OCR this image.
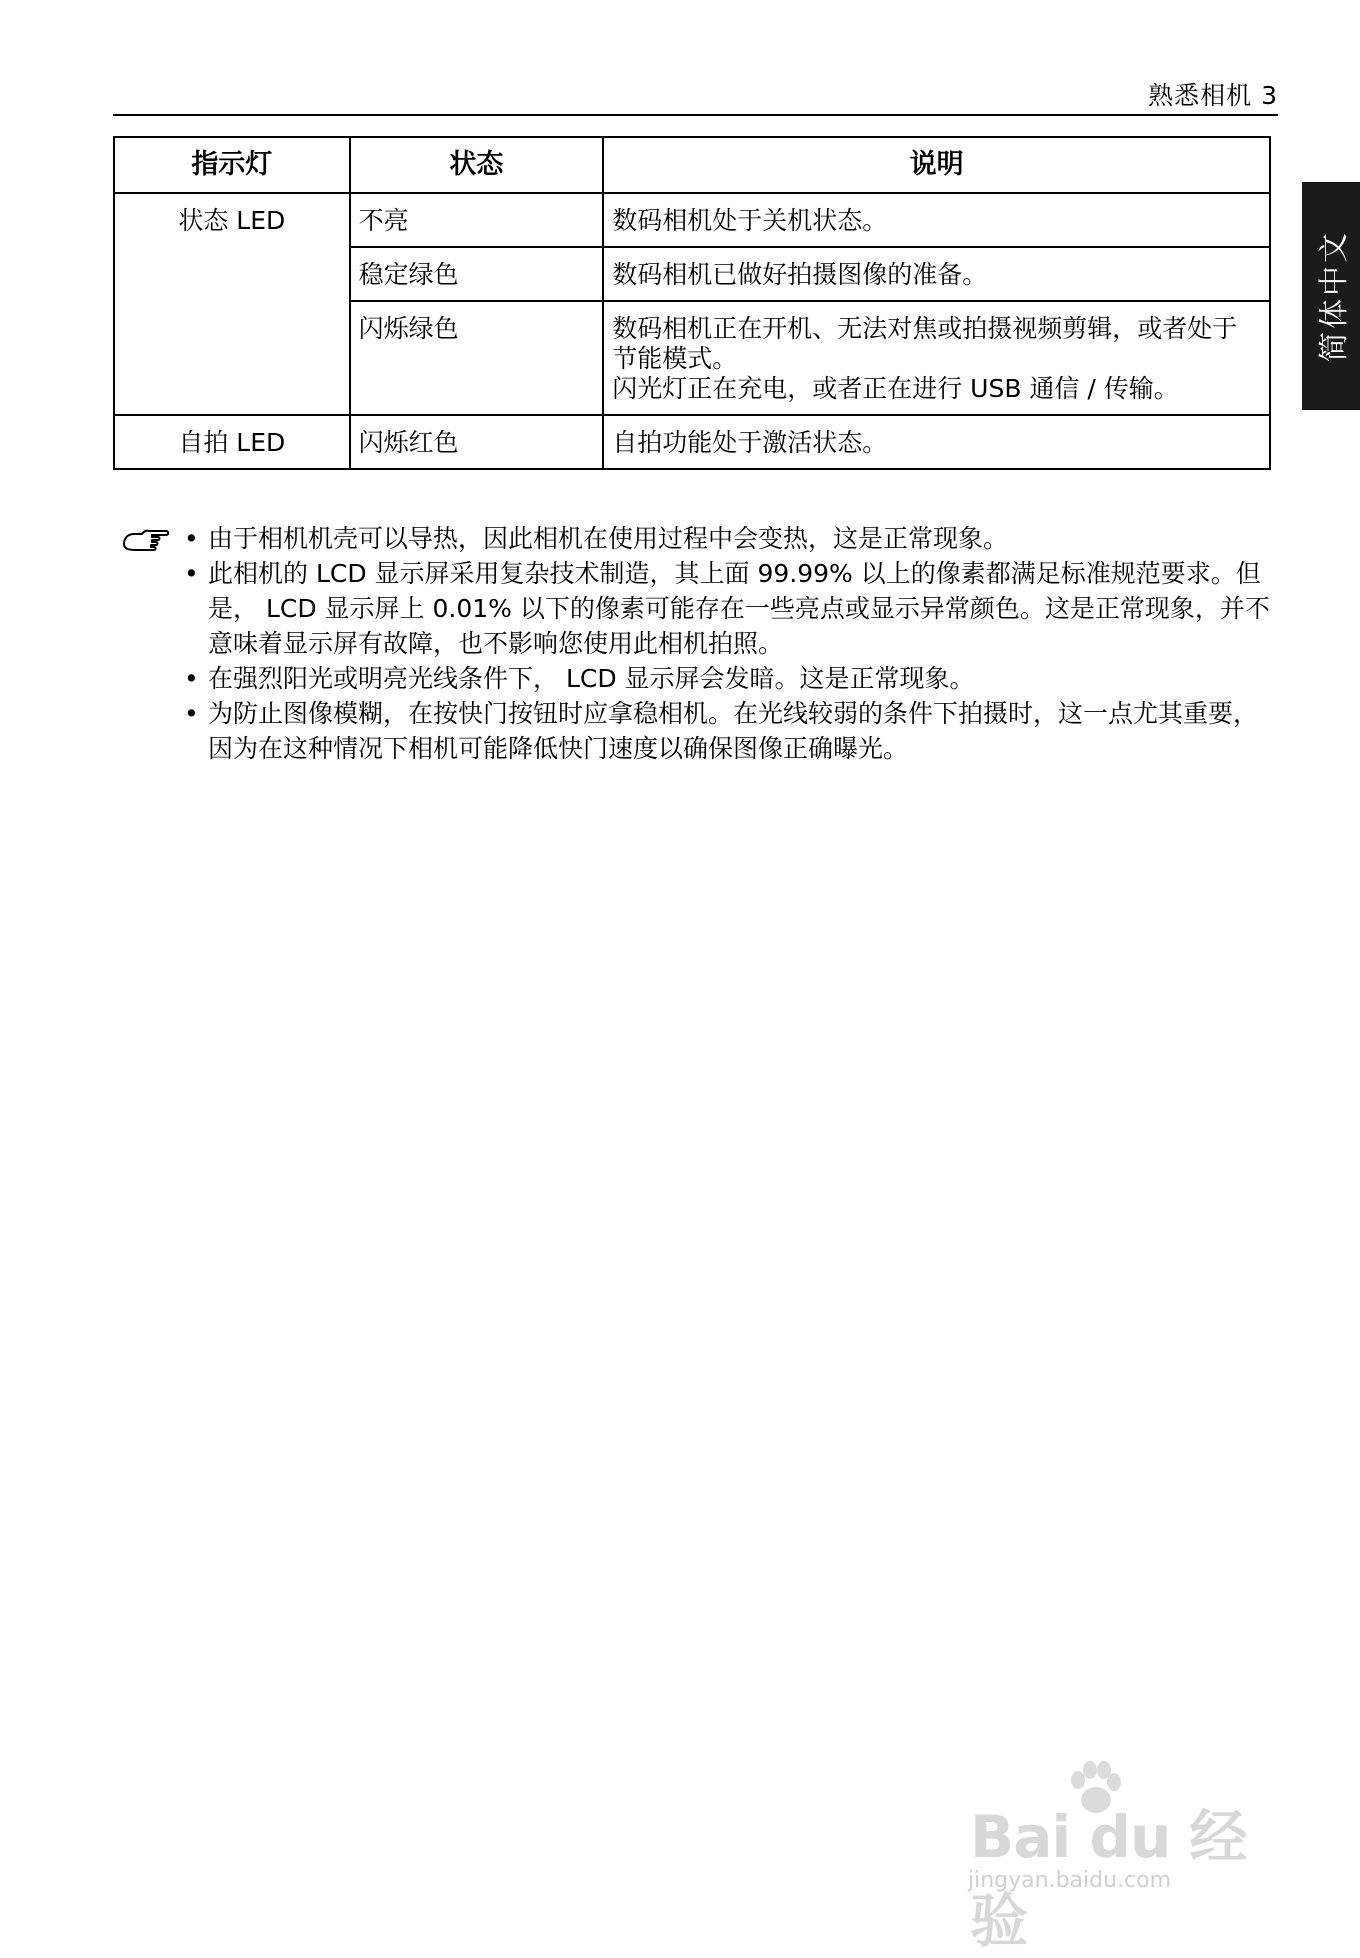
熟悉相机 3
简体中文
指示灯	状态	说明
状态 LED	不亮	数码相机处于关机状态。

	稳定绿色	数码相机已做好拍摄图像的准备。

	闪烁绿色	数码相机正在开机、无法对焦或拍摄视频剪辑，或者处于节能模式。
闪光灯正在充电，或者正在进行 USB 通信 / 传输。

自拍 LED	闪烁红色	自拍功能处于激活状态。
• 由于相机机壳可以导热，因此相机在使用过程中会变热，这是正常现象。
• 此相机的 LCD 显示屏采用复杂技术制造，其上面 99.99% 以上的像素都满足标准规范要求。但是， LCD 显示屏上 0.01% 以下的像素可能存在一些亮点或显示异常颜色。这是正常现象，并不意味着显示屏有故障，也不影响您使用此相机拍照。
• 在强烈阳光或明亮光线条件下， LCD 显示屏会发暗。这是正常现象。
• 为防止图像模糊，在按快门按钮时应拿稳相机。在光线较弱的条件下拍摄时，这一点尤其重要，因为在这种情况下相机可能降低快门速度以确保图像正确曝光。
Bai du 经验
jingyan.baidu.com
